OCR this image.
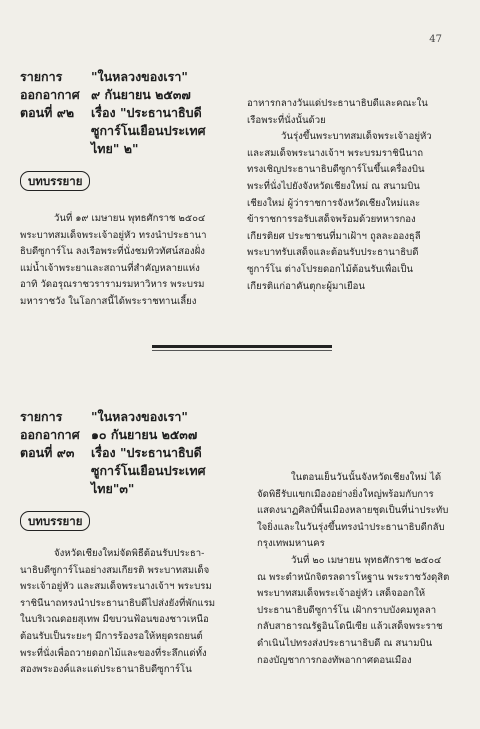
47
รายการ	"ในหลวงของเรา"
ออกอากาศ ๙ กันยายน ๒๕๓๗
ตอนที่ ๙๒	เรื่อง "ประธานาธิบดี
ซูการ์โนเยือนประเทศ
ไทย" ๒"
บทบรรยาย
วันที่ ๑๙ เมษายน พุทธศักราช ๒๕๐๔
พระบาทสมเด็จพระเจ้าอยู่หัว ทรงนำประธานา
ธิบดีซูการ์โน ลงเรือพระที่นั่งชมทิวทัศน์สองฝั่ง
แม่น้ำเจ้าพระยาและสถานที่สำคัญหลายแห่ง
อาทิ วัดอรุณราชวรารามรมหาวิหาร พระบรม
มหาราชวัง ในโอกาสนี้ได้พระราชทานเลี้ยง
อาหารกลางวันแด่ประธานาธิบดีและคณะใน
เรือพระที่นั่งนั้นด้วย
วันรุ่งขึ้นพระบาทสมเด็จพระเจ้าอยู่หัว
และสมเด็จพระนางเจ้าฯ พระบรมราชินีนาถ
ทรงเชิญประธานาธิบดีซูการ์โนขึ้นเครื่องบิน
พระที่นั่งไปยังจังหวัดเชียงใหม่ ณ สนามบิน
เชียงใหม่ ผู้ว่าราชการจังหวัดเชียงใหม่และ
ข้าราชการรอรับเสด็จพร้อมด้วยทหารกอง
เกียรติยศ ประชาชนที่มาเฝ้าฯ ถูลละอองธุลี
พระบาทรับเสด็จและต้อนรับประธานาธิบดี
ซูการ์โน ต่างโปรยดอกไม้ต้อนรับเพื่อเป็น
เกียรติแก่อาคันตุกะผู้มาเยือน
รายการ	"ในหลวงของเรา"
ออกอากาศ ๑๐ กันยายน ๒๕๓๗
ตอนที่ ๙๓	เรื่อง "ประธานาธิบดี
ซูการ์โนเยือนประเทศ
ไทย"๓"
บทบรรยาย
จังหวัดเชียงใหม่จัดพิธีต้อนรับประธา-
นาธิบดีซูการ์โนอย่างสมเกียรติ พระบาทสมเด็จ
พระเจ้าอยู่หัว และสมเด็จพระนางเจ้าฯ พระบรม
ราชินีนาถทรงนำประธานาธิบดีไปส่งยังที่พักแรม
ในบริเวณดอยสุเทพ มีขบวนฟ้อนของชาวเหนือ
ต้อนรับเป็นระยะๆ มีการร้องรอให้หยุดรถยนต์
พระที่นั่งเพื่อถวายดอกไม้และของที่ระลึกแด่ทั้ง
สองพระองค์และแด่ประธานาธิบดีซูการ์โน
ในตอนเย็นวันนั้นจังหวัดเชียงใหม่ ได้
จัดพิธีรับแขกเมืองอย่างยิ่งใหญ่พร้อมกับการ
แสดงนาฏศิลป์พื้นเมืองหลายชุดเป็นที่น่าประทับ
ใจยิ่งและในวันรุ่งขึ้นทรงนำประธานาธิบดีกลับ
กรุงเทพมหานคร
วันที่ ๒๐ เมษายน พุทธศักราช ๒๕๐๔
ณ พระตำหนักจิตรลดารโหฐาน พระราชวังดุสิต
พระบาทสมเด็จพระเจ้าอยู่หัว เสด็จออกให้
ประธานาธิบดีซูการ์โน เฝ้ากราบบังคมทูลลา
กลับสาธารณรัฐอินโดนีเซีย แล้วเสด็จพระราช
ดำเนินไปทรงส่งประธานาธิบดี ณ สนามบิน
กองบัญชาการกองทัพอากาศดอนเมือง
